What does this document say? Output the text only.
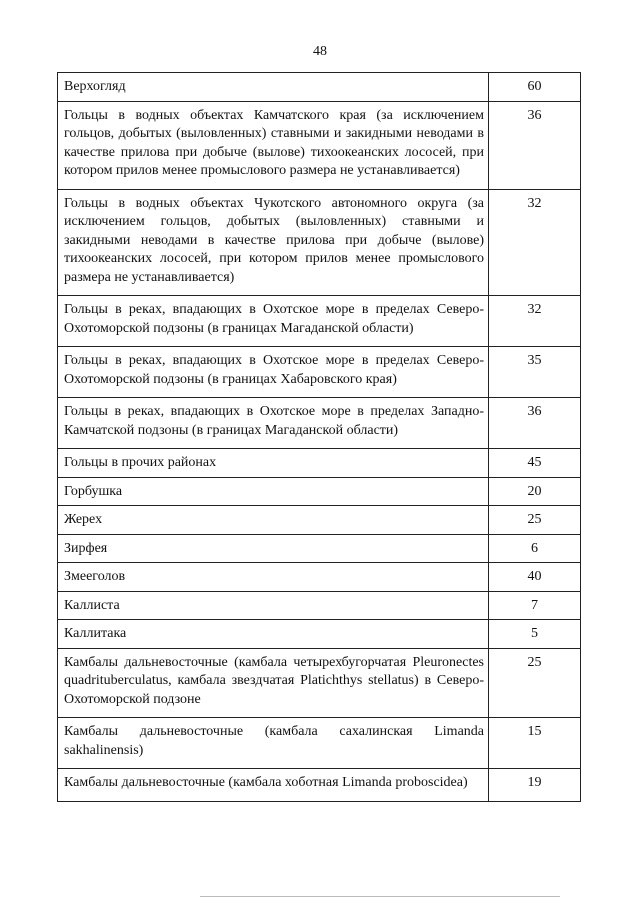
48
Верхогляд	60
Гольцы в водных объектах Камчатского края (за исключением гольцов, добытых (выловленных) ставными и закидными неводами в качестве прилова при добыче (вылове) тихоокеанских лососей, при котором прилов менее промыслового размера не устанавливается)	36
Гольцы в водных объектах Чукотского автономного округа (за исключением гольцов, добытых (выловленных) ставными и закидными неводами в качестве прилова при добыче (вылове) тихоокеанских лососей, при котором прилов менее промыслового размера не устанавливается)	32
Гольцы в реках, впадающих в Охотское море в пределах Северо-Охотоморской подзоны (в границах Магаданской области)	32
Гольцы в реках, впадающих в Охотское море в пределах Северо-Охотоморской подзоны (в границах Хабаровского края)	35
Гольцы в реках, впадающих в Охотское море в пределах Западно-Камчатской подзоны (в границах Магаданской области)	36
Гольцы в прочих районах	45
Горбушка	20
Жерех	25
Зирфея	6
Змееголов	40
Каллиста	7
Каллитака	5
Камбалы дальневосточные (камбала четырехбугорчатая Pleuronectes quadrituberculatus, камбала звездчатая Platichthys stellatus) в Северо-Охотоморской подзоне	25
Камбалы дальневосточные (камбала сахалинская Limanda sakhalinensis)	15
Камбалы дальневосточные (камбала хоботная Limanda proboscidea)	19
